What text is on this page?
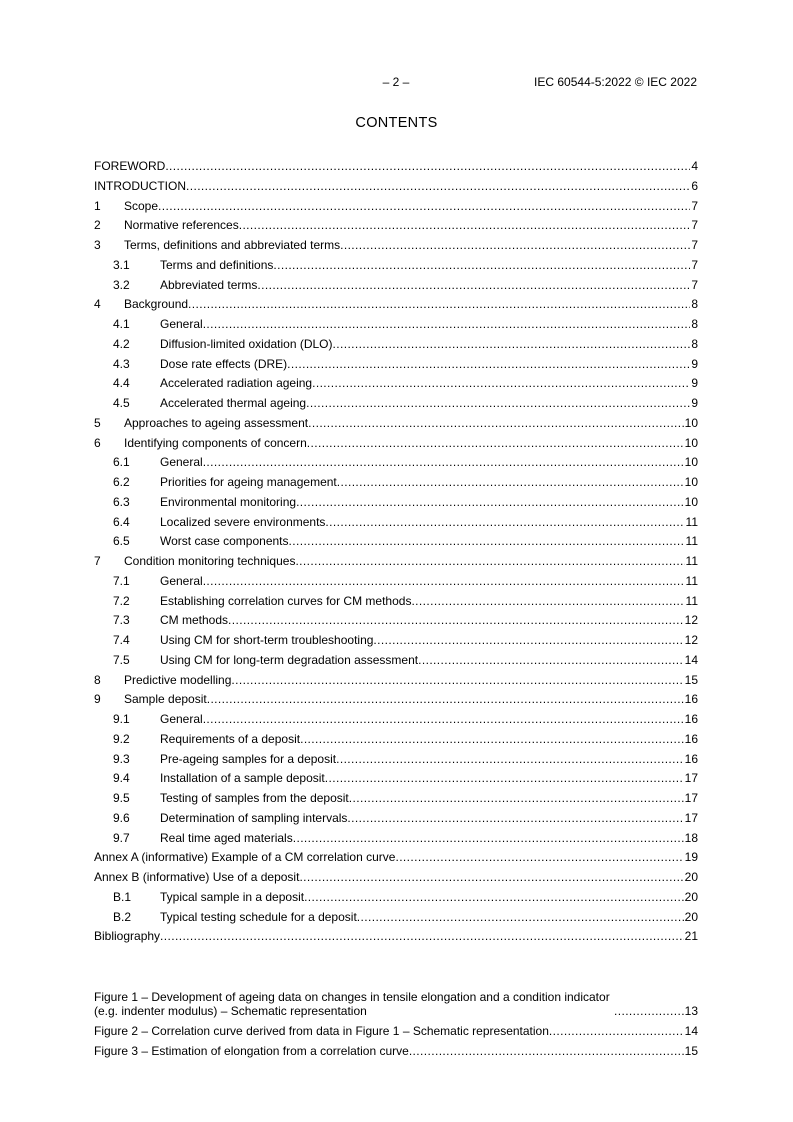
– 2 –	IEC 60544-5:2022 © IEC 2022
CONTENTS
FOREWORD .....	4
INTRODUCTION .....	6
1	Scope .....	7
2	Normative references .....	7
3	Terms, definitions and abbreviated terms .....	7
3.1	Terms and definitions .....	7
3.2	Abbreviated terms .....	7
4	Background .....	8
4.1	General .....	8
4.2	Diffusion-limited oxidation (DLO) .....	8
4.3	Dose rate effects (DRE) .....	9
4.4	Accelerated radiation ageing .....	9
4.5	Accelerated thermal ageing .....	9
5	Approaches to ageing assessment .....	10
6	Identifying components of concern .....	10
6.1	General .....	10
6.2	Priorities for ageing management .....	10
6.3	Environmental monitoring .....	10
6.4	Localized severe environments .....	11
6.5	Worst case components .....	11
7	Condition monitoring techniques .....	11
7.1	General .....	11
7.2	Establishing correlation curves for CM methods .....	11
7.3	CM methods .....	12
7.4	Using CM for short-term troubleshooting .....	12
7.5	Using CM for long-term degradation assessment .....	14
8	Predictive modelling .....	15
9	Sample deposit .....	16
9.1	General .....	16
9.2	Requirements of a deposit .....	16
9.3	Pre-ageing samples for a deposit .....	16
9.4	Installation of a sample deposit .....	17
9.5	Testing of samples from the deposit .....	17
9.6	Determination of sampling intervals .....	17
9.7	Real time aged materials .....	18
Annex A (informative) Example of a CM correlation curve .....	19
Annex B (informative) Use of a deposit .....	20
B.1	Typical sample in a deposit .....	20
B.2	Typical testing schedule for a deposit .....	20
Bibliography .....	21
Figure 1 – Development of ageing data on changes in tensile elongation and a condition indicator (e.g. indenter modulus) – Schematic representation .....	13
Figure 2 – Correlation curve derived from data in Figure 1 – Schematic representation .....	14
Figure 3 – Estimation of elongation from a correlation curve .....	15
